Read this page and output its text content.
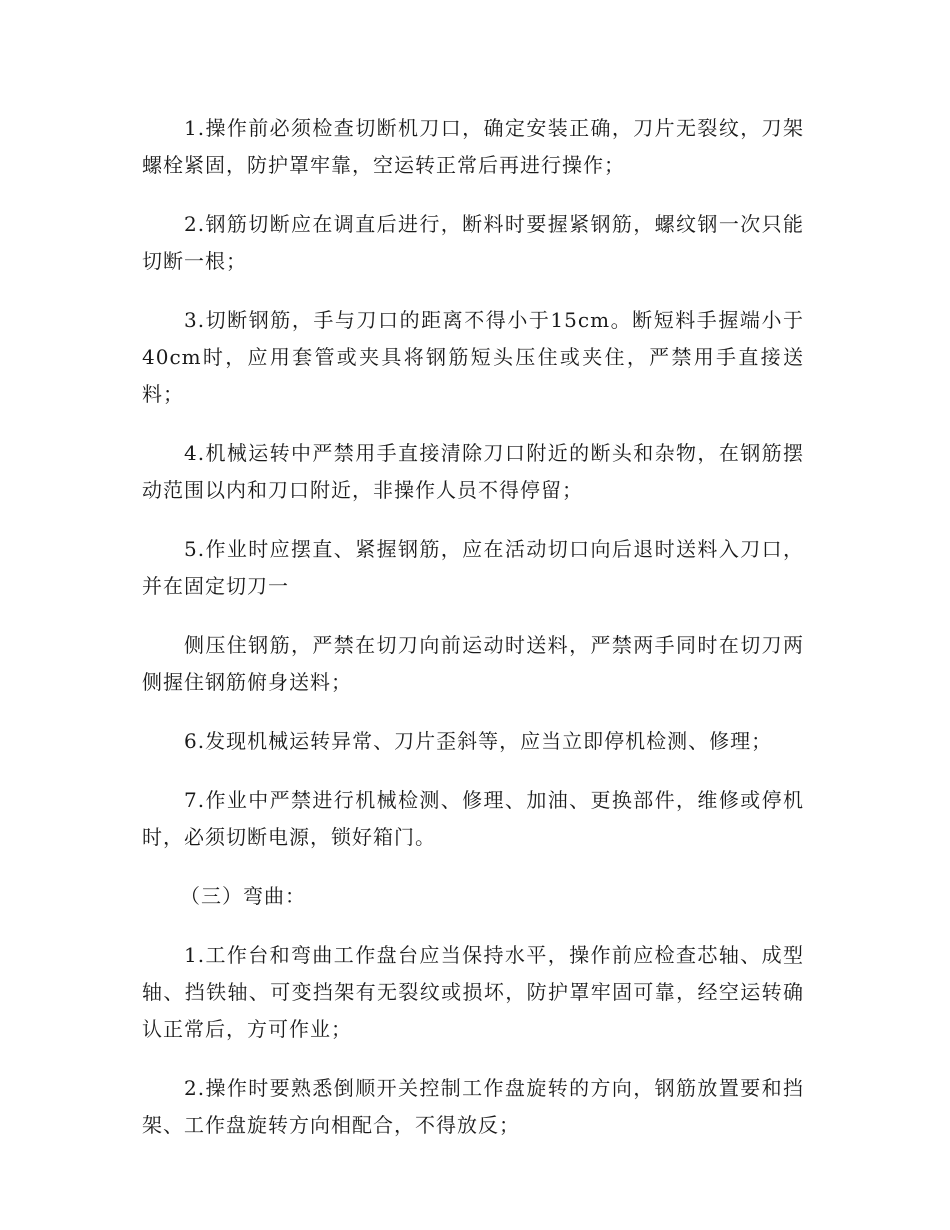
1.操作前必须检查切断机刀口，确定安装正确，刀片无裂纹，刀架螺栓紧固，防护罩牢靠，空运转正常后再进行操作；

2.钢筋切断应在调直后进行，断料时要握紧钢筋，螺纹钢一次只能切断一根；

3.切断钢筋，手与刀口的距离不得小于15cm。断短料手握端小于40cm时，应用套管或夹具将钢筋短头压住或夹住，严禁用手直接送料；

4.机械运转中严禁用手直接清除刀口附近的断头和杂物，在钢筋摆动范围以内和刀口附近，非操作人员不得停留；

5.作业时应摆直、紧握钢筋，应在活动切口向后退时送料入刀口，并在固定切刀一

侧压住钢筋，严禁在切刀向前运动时送料，严禁两手同时在切刀两侧握住钢筋俯身送料；

6.发现机械运转异常、刀片歪斜等，应当立即停机检测、修理；

7.作业中严禁进行机械检测、修理、加油、更换部件，维修或停机时，必须切断电源，锁好箱门。

（三）弯曲：

1.工作台和弯曲工作盘台应当保持水平，操作前应检查芯轴、成型轴、挡铁轴、可变挡架有无裂纹或损坏，防护罩牢固可靠，经空运转确认正常后，方可作业；

2.操作时要熟悉倒顺开关控制工作盘旋转的方向，钢筋放置要和挡架、工作盘旋转方向相配合，不得放反；
